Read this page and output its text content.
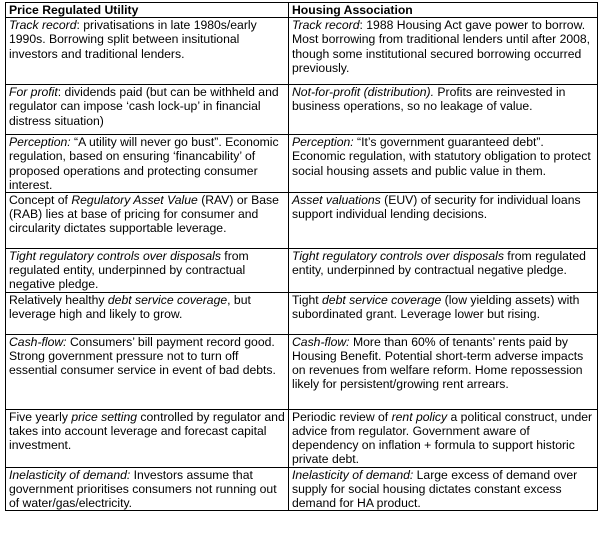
Price Regulated Utility	Housing Association
Track record: privatisations in late 1980s/early 1990s. Borrowing split between insitutional investors and traditional lenders.	Track record: 1988 Housing Act gave power to borrow. Most borrowing from traditional lenders until after 2008, though some institutional secured borrowing occurred previously.
For profit: dividends paid (but can be withheld and regulator can impose ‘cash lock-up’ in financial distress situation)	Not-for-profit (distribution). Profits are reinvested in business operations, so no leakage of value.
Perception: “A utility will never go bust”. Economic regulation, based on ensuring ‘financability’ of proposed operations and protecting consumer interest.	Perception: “It’s government guaranteed debt”. Economic regulation, with statutory obligation to protect social housing assets and public value in them.
Concept of Regulatory Asset Value (RAV) or Base (RAB) lies at base of pricing for consumer and circularity dictates supportable leverage.	Asset valuations (EUV) of security for individual loans support individual lending decisions.
Tight regulatory controls over disposals from regulated entity, underpinned by contractual negative pledge.	Tight regulatory controls over disposals from regulated entity, underpinned by contractual negative pledge.
Relatively healthy debt service coverage, but leverage high and likely to grow.	Tight debt service coverage (low yielding assets) with subordinated grant. Leverage lower but rising.
Cash-flow: Consumers’ bill payment record good. Strong government pressure not to turn off essential consumer service in event of bad debts.	Cash-flow: More than 60% of tenants’ rents paid by Housing Benefit. Potential short-term adverse impacts on revenues from welfare reform. Home repossession likely for persistent/growing rent arrears.
Five yearly price setting controlled by regulator and takes into account leverage and forecast capital investment.	Periodic review of rent policy a political construct, under advice from regulator. Government aware of dependency on inflation + formula to support historic private debt.
Inelasticity of demand: Investors assume that government prioritises consumers not running out of water/gas/electricity.	Inelasticity of demand: Large excess of demand over supply for social housing dictates constant excess demand for HA product.
